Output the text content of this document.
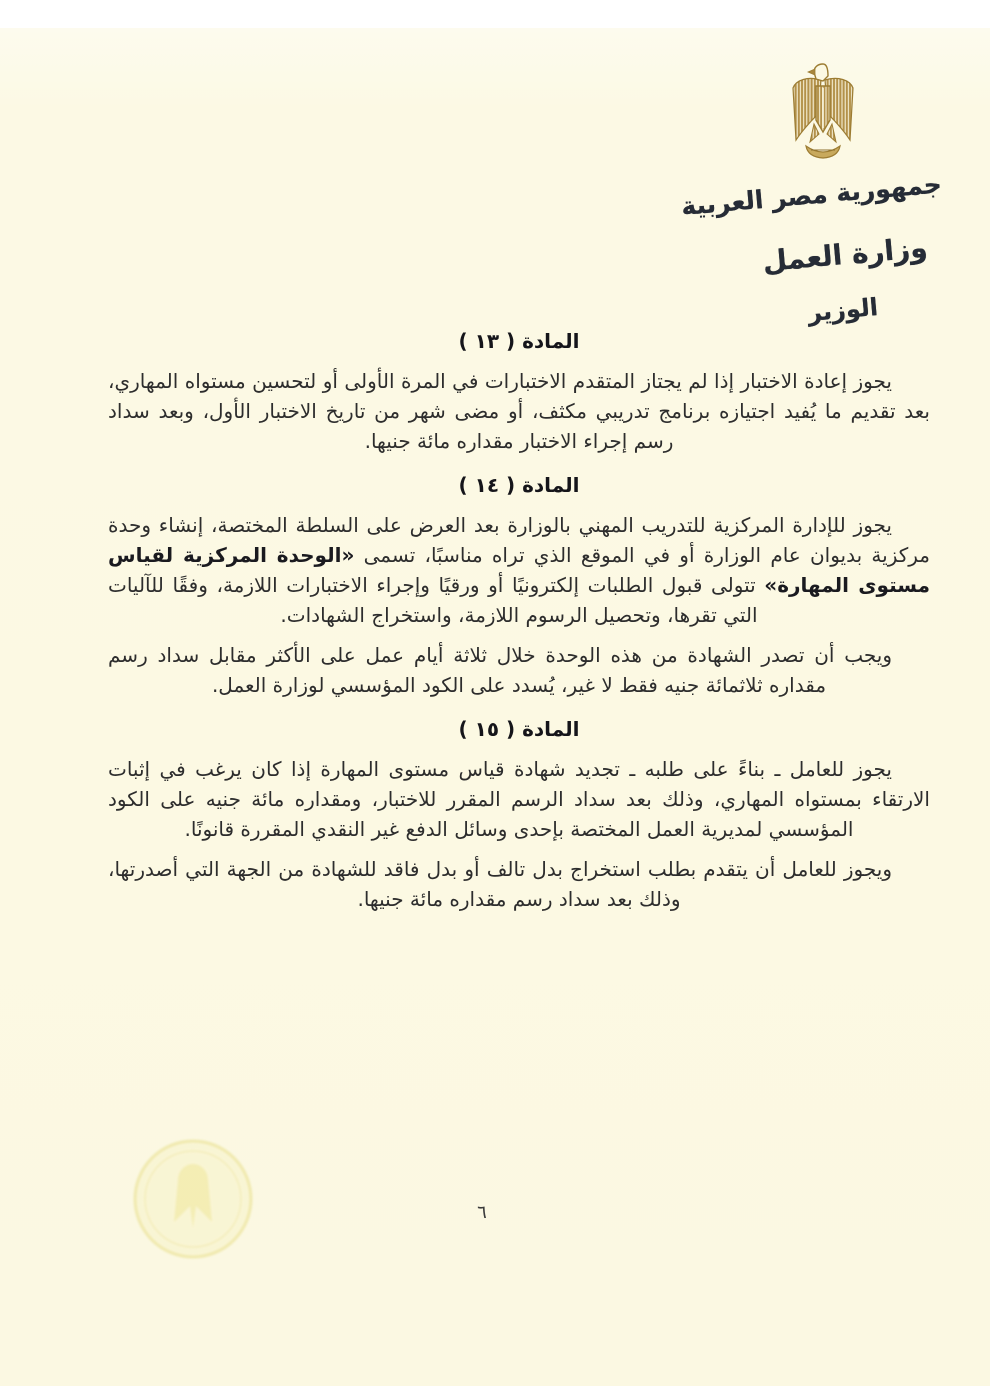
جمهورية مصر العربية
وزارة العمل
الوزير
المادة ( ١٣ )

يجوز إعادة الاختبار إذا لم يجتاز المتقدم الاختبارات في المرة الأولى أو لتحسين مستواه المهاري، بعد تقديم ما يُفيد اجتيازه برنامج تدريبي مكثف، أو مضى شهر من تاريخ الاختبار الأول، وبعد سداد رسم إجراء الاختبار مقداره مائة جنيها.

المادة ( ١٤ )

يجوز للإدارة المركزية للتدريب المهني بالوزارة بعد العرض على السلطة المختصة، إنشاء وحدة مركزية بديوان عام الوزارة أو في الموقع الذي تراه مناسبًا، تسمى «الوحدة المركزية لقياس مستوى المهارة» تتولى قبول الطلبات إلكترونيًا أو ورقيًا وإجراء الاختبارات اللازمة، وفقًا للآليات التي تقرها، وتحصيل الرسوم اللازمة، واستخراج الشهادات.

ويجب أن تصدر الشهادة من هذه الوحدة خلال ثلاثة أيام عمل على الأكثر مقابل سداد رسم مقداره ثلاثمائة جنيه فقط لا غير، يُسدد على الكود المؤسسي لوزارة العمل.

المادة ( ١٥ )

يجوز للعامل ـ بناءً على طلبه ـ تجديد شهادة قياس مستوى المهارة إذا كان يرغب في إثبات الارتقاء بمستواه المهاري، وذلك بعد سداد الرسم المقرر للاختبار، ومقداره مائة جنيه على الكود المؤسسي لمديرية العمل المختصة بإحدى وسائل الدفع غير النقدي المقررة قانونًا.

ويجوز للعامل أن يتقدم بطلب استخراج بدل تالف أو بدل فاقد للشهادة من الجهة التي أصدرتها، وذلك بعد سداد رسم مقداره مائة جنيها.

٦
